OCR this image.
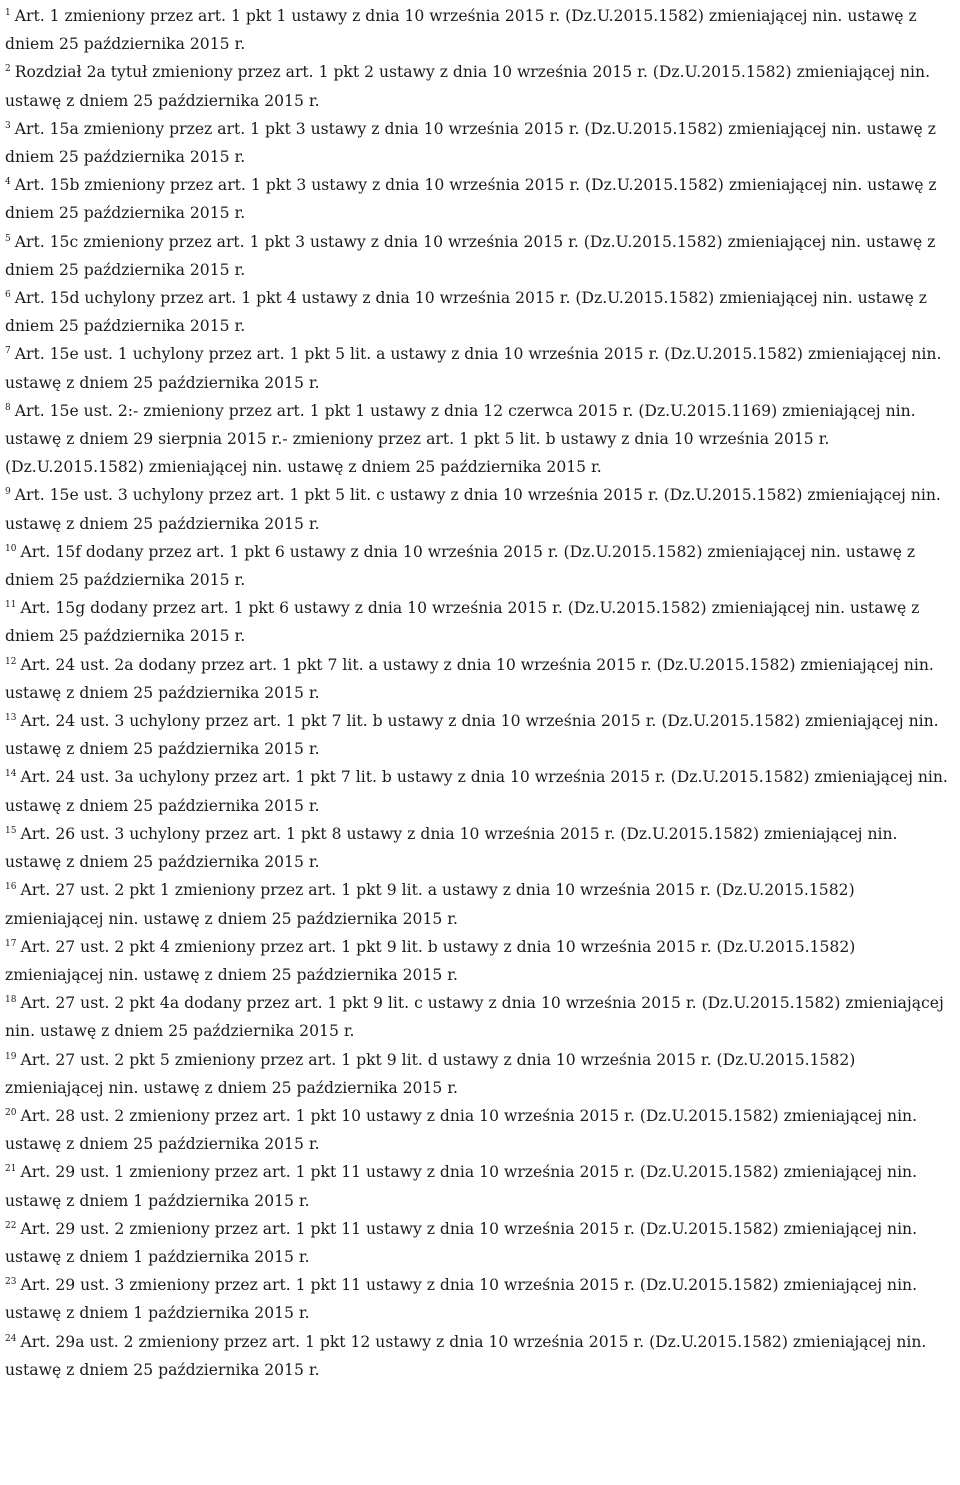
$^1$ Art. 1 zmieniony przez art. 1 pkt 1 ustawy z dnia 10 września 2015 r. (Dz.U.2015.1582) zmieniającej nin. ustawę z dniem 25 października 2015 r.

$^2$ Rozdział 2a tytuł zmieniony przez art. 1 pkt 2 ustawy z dnia 10 września 2015 r. (Dz.U.2015.1582) zmieniającej nin. ustawę z dniem 25 października 2015 r.

$^3$ Art. 15a zmieniony przez art. 1 pkt 3 ustawy z dnia 10 września 2015 r. (Dz.U.2015.1582) zmieniającej nin. ustawę z dniem 25 października 2015 r.

$^4$ Art. 15b zmieniony przez art. 1 pkt 3 ustawy z dnia 10 września 2015 r. (Dz.U.2015.1582) zmieniającej nin. ustawę z dniem 25 października 2015 r.

$^5$ Art. 15c zmieniony przez art. 1 pkt 3 ustawy z dnia 10 września 2015 r. (Dz.U.2015.1582) zmieniającej nin. ustawę z dniem 25 października 2015 r.

$^6$ Art. 15d uchylony przez art. 1 pkt 4 ustawy z dnia 10 września 2015 r. (Dz.U.2015.1582) zmieniającej nin. ustawę z dniem 25 października 2015 r.

$^7$ Art. 15e ust. 1 uchylony przez art. 1 pkt 5 lit. a ustawy z dnia 10 września 2015 r. (Dz.U.2015.1582) zmieniającej nin. ustawę z dniem 25 października 2015 r.

$^8$ Art. 15e ust. 2:- zmieniony przez art. 1 pkt 1 ustawy z dnia 12 czerwca 2015 r. (Dz.U.2015.1169) zmieniającej nin. ustawę z dniem 29 sierpnia 2015 r.- zmieniony przez art. 1 pkt 5 lit. b ustawy z dnia 10 września 2015 r. (Dz.U.2015.1582) zmieniającej nin. ustawę z dniem 25 października 2015 r.

$^9$ Art. 15e ust. 3 uchylony przez art. 1 pkt 5 lit. c ustawy z dnia 10 września 2015 r. (Dz.U.2015.1582) zmieniającej nin. ustawę z dniem 25 października 2015 r.

$^{10}$ Art. 15f dodany przez art. 1 pkt 6 ustawy z dnia 10 września 2015 r. (Dz.U.2015.1582) zmieniającej nin. ustawę z dniem 25 października 2015 r.

$^{11}$ Art. 15g dodany przez art. 1 pkt 6 ustawy z dnia 10 września 2015 r. (Dz.U.2015.1582) zmieniającej nin. ustawę z dniem 25 października 2015 r.

$^{12}$ Art. 24 ust. 2a dodany przez art. 1 pkt 7 lit. a ustawy z dnia 10 września 2015 r. (Dz.U.2015.1582) zmieniającej nin. ustawę z dniem 25 października 2015 r.

$^{13}$ Art. 24 ust. 3 uchylony przez art. 1 pkt 7 lit. b ustawy z dnia 10 września 2015 r. (Dz.U.2015.1582) zmieniającej nin. ustawę z dniem 25 października 2015 r.

$^{14}$ Art. 24 ust. 3a uchylony przez art. 1 pkt 7 lit. b ustawy z dnia 10 września 2015 r. (Dz.U.2015.1582) zmieniającej nin. ustawę z dniem 25 października 2015 r.

$^{15}$ Art. 26 ust. 3 uchylony przez art. 1 pkt 8 ustawy z dnia 10 września 2015 r. (Dz.U.2015.1582) zmieniającej nin. ustawę z dniem 25 października 2015 r.

$^{16}$ Art. 27 ust. 2 pkt 1 zmieniony przez art. 1 pkt 9 lit. a ustawy z dnia 10 września 2015 r. (Dz.U.2015.1582) zmieniającej nin. ustawę z dniem 25 października 2015 r.

$^{17}$ Art. 27 ust. 2 pkt 4 zmieniony przez art. 1 pkt 9 lit. b ustawy z dnia 10 września 2015 r. (Dz.U.2015.1582) zmieniającej nin. ustawę z dniem 25 października 2015 r.

$^{18}$ Art. 27 ust. 2 pkt 4a dodany przez art. 1 pkt 9 lit. c ustawy z dnia 10 września 2015 r. (Dz.U.2015.1582) zmieniającej nin. ustawę z dniem 25 października 2015 r.

$^{19}$ Art. 27 ust. 2 pkt 5 zmieniony przez art. 1 pkt 9 lit. d ustawy z dnia 10 września 2015 r. (Dz.U.2015.1582) zmieniającej nin. ustawę z dniem 25 października 2015 r.

$^{20}$ Art. 28 ust. 2 zmieniony przez art. 1 pkt 10 ustawy z dnia 10 września 2015 r. (Dz.U.2015.1582) zmieniającej nin. ustawę z dniem 25 października 2015 r.

$^{21}$ Art. 29 ust. 1 zmieniony przez art. 1 pkt 11 ustawy z dnia 10 września 2015 r. (Dz.U.2015.1582) zmieniającej nin. ustawę z dniem 1 października 2015 r.

$^{22}$ Art. 29 ust. 2 zmieniony przez art. 1 pkt 11 ustawy z dnia 10 września 2015 r. (Dz.U.2015.1582) zmieniającej nin. ustawę z dniem 1 października 2015 r.

$^{23}$ Art. 29 ust. 3 zmieniony przez art. 1 pkt 11 ustawy z dnia 10 września 2015 r. (Dz.U.2015.1582) zmieniającej nin. ustawę z dniem 1 października 2015 r.

$^{24}$ Art. 29a ust. 2 zmieniony przez art. 1 pkt 12 ustawy z dnia 10 września 2015 r. (Dz.U.2015.1582) zmieniającej nin. ustawę z dniem 25 października 2015 r.
